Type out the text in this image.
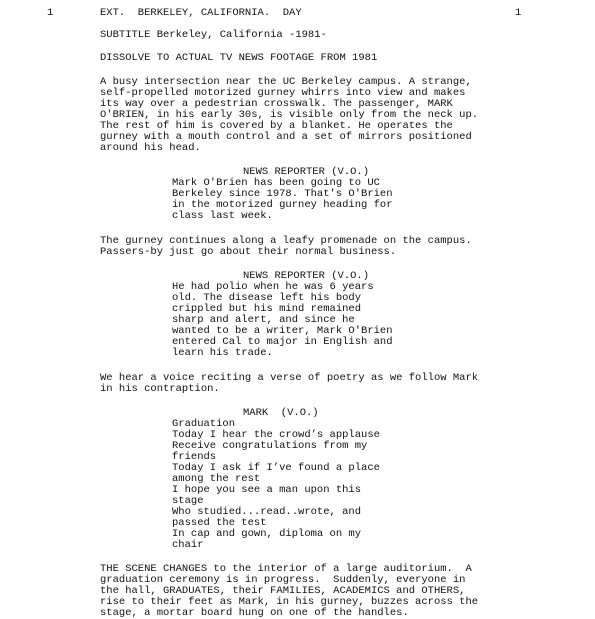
1	1
EXT.  BERKELEY, CALIFORNIA.  DAY
SUBTITLE Berkeley, California -1981-
DISSOLVE TO ACTUAL TV NEWS FOOTAGE FROM 1981
A busy intersection near the UC Berkeley campus. A strange,
self-propelled motorized gurney whirrs into view and makes
its way over a pedestrian crosswalk. The passenger, MARK
O'BRIEN, in his early 30s, is visible only from the neck up.
The rest of him is covered by a blanket. He operates the
gurney with a mouth control and a set of mirrors positioned
around his head.
NEWS REPORTER (V.O.)
Mark O'Brien has been going to UC
Berkeley since 1978. That's O'Brien
in the motorized gurney heading for
class last week.
The gurney continues along a leafy promenade on the campus.
Passers-by just go about their normal business.
NEWS REPORTER (V.O.)
He had polio when he was 6 years
old. The disease left his body
crippled but his mind remained
sharp and alert, and since he
wanted to be a writer, Mark O'Brien
entered Cal to major in English and
learn his trade.
We hear a voice reciting a verse of poetry as we follow Mark
in his contraption.
MARK  (V.O.)
Graduation
Today I hear the crowd’s applause
Receive congratulations from my
friends
Today I ask if I’ve found a place
among the rest
I hope you see a man upon this
stage
Who studied...read..wrote, and
passed the test
In cap and gown, diploma on my
chair
THE SCENE CHANGES to the interior of a large auditorium.  A
graduation ceremony is in progress.  Suddenly, everyone in
the hall, GRADUATES, their FAMILIES, ACADEMICS and OTHERS,
rise to their feet as Mark, in his gurney, buzzes across the
stage, a mortar board hung on one of the handles.
